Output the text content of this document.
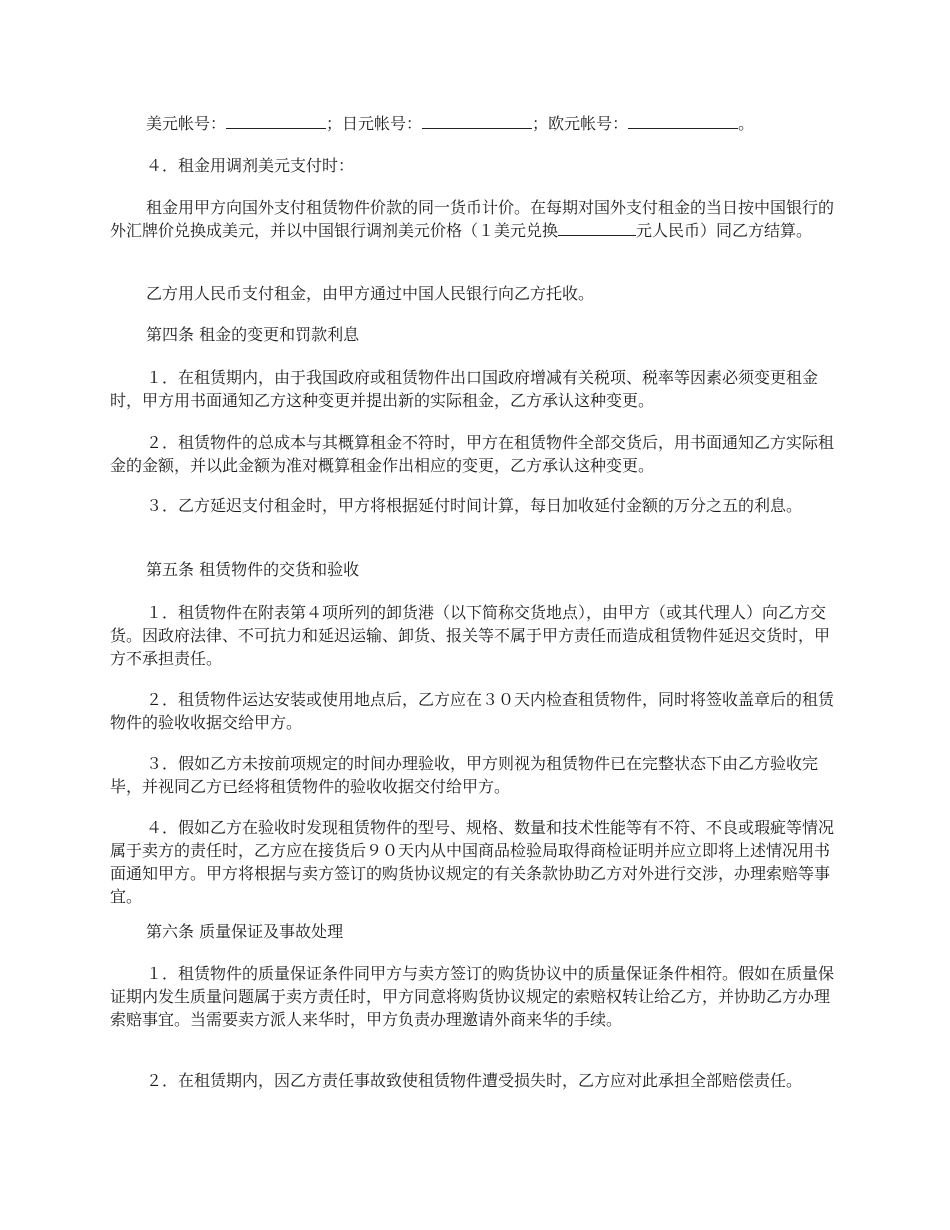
美元帐号：	；日元帐号：	；欧元帐号：	。

４．租金用调剂美元支付时：

租金用甲方向国外支付租赁物件价款的同一货币计价。在每期对国外支付租金的当日按中国银行的外汇牌价兑换成美元，并以中国银行调剂美元价格（１美元兑换	元人民币）同乙方结算。

乙方用人民币支付租金，由甲方通过中国人民银行向乙方托收。

第四条 租金的变更和罚款利息

１．在租赁期内，由于我国政府或租赁物件出口国政府增减有关税项、税率等因素必须变更租金时，甲方用书面通知乙方这种变更并提出新的实际租金，乙方承认这种变更。

２．租赁物件的总成本与其概算租金不符时，甲方在租赁物件全部交货后，用书面通知乙方实际租金的金额，并以此金额为准对概算租金作出相应的变更，乙方承认这种变更。

３．乙方延迟支付租金时，甲方将根据延付时间计算，每日加收延付金额的万分之五的利息。

第五条 租赁物件的交货和验收

１．租赁物件在附表第４项所列的卸货港（以下简称交货地点），由甲方（或其代理人）向乙方交货。因政府法律、不可抗力和延迟运输、卸货、报关等不属于甲方责任而造成租赁物件延迟交货时，甲方不承担责任。

２．租赁物件运达安装或使用地点后，乙方应在３０天内检查租赁物件，同时将签收盖章后的租赁物件的验收收据交给甲方。

３．假如乙方未按前项规定的时间办理验收，甲方则视为租赁物件已在完整状态下由乙方验收完毕，并视同乙方已经将租赁物件的验收收据交付给甲方。

４．假如乙方在验收时发现租赁物件的型号、规格、数量和技术性能等有不符、不良或瑕疵等情况属于卖方的责任时，乙方应在接货后９０天内从中国商品检验局取得商检证明并应立即将上述情况用书面通知甲方。甲方将根据与卖方签订的购货协议规定的有关条款协助乙方对外进行交涉，办理索赔等事宜。

第六条 质量保证及事故处理

１．租赁物件的质量保证条件同甲方与卖方签订的购货协议中的质量保证条件相符。假如在质量保证期内发生质量问题属于卖方责任时，甲方同意将购货协议规定的索赔权转让给乙方，并协助乙方办理索赔事宜。当需要卖方派人来华时，甲方负责办理邀请外商来华的手续。

２．在租赁期内，因乙方责任事故致使租赁物件遭受损失时，乙方应对此承担全部赔偿责任。
